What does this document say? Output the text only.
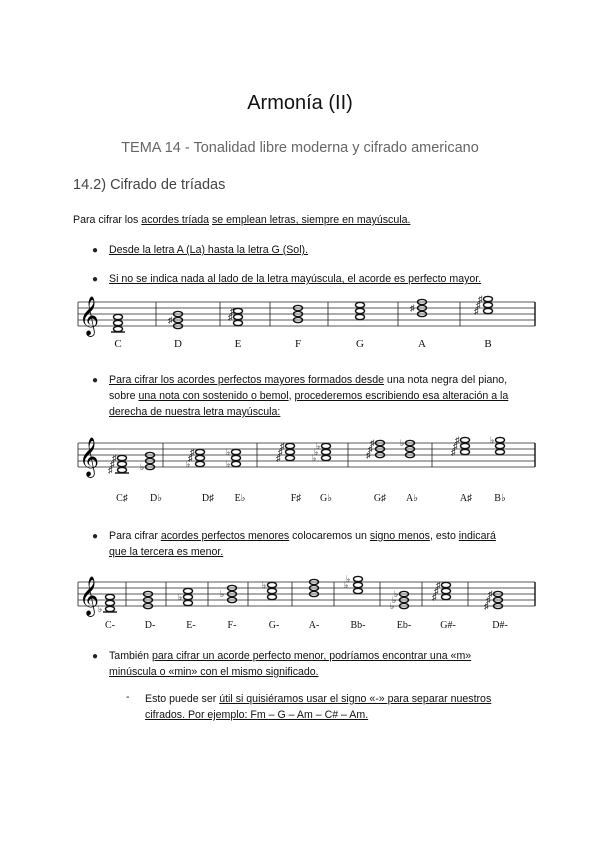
Armonía (II)
TEMA 14 - Tonalidad libre moderna y cifrado americano
14.2) Cifrado de tríadas
Para cifrar los acordes tríada se emplean letras, siempre en mayúscula.
● Desde la letra A (La) hasta la letra G (Sol).
● Si no se indica nada al lado de la letra mayúscula, el acorde es perfecto mayor.
𝄞	♯	♯
♯	♯	♯
♯
♯
C	D	E	F	G	A	B
● Para cifrar los acordes perfectos mayores formados desde una nota negra del piano,
sobre una nota con sostenido o bemol, procederemos escribiendo esa alteración a la
derecha de nuestra letra mayúscula:
𝄞 ♯
♯
♯
♭	♭
♯
♯
♭
♭
♯
♯
♯
♭
♭
♭
♯
♯
♯	♭
♯
♯
♯	♭
C♯ D♭	D♯ E♭	F♯ G♭	G♯ A♭	A♯ B♭
● Para cifrar acordes perfectos menores colocaremos un signo menos, esto indicará
que la tercera es menor.
𝄞
♭
♭	♭
♭	♭
♭
♭
♭
♭	♯
♯
♯
♯
♯
♯
C-	D-	E-	F-	G-	A-	Bb-	Eb-	G#-	D#-
● También para cifrar un acorde perfecto menor, podríamos encontrar una «m»
minúscula o «min» con el mismo significado.
- Esto puede ser útil si quisiéramos usar el signo «-» para separar nuestros
cifrados. Por ejemplo: Fm – G – Am – C# – Am.
